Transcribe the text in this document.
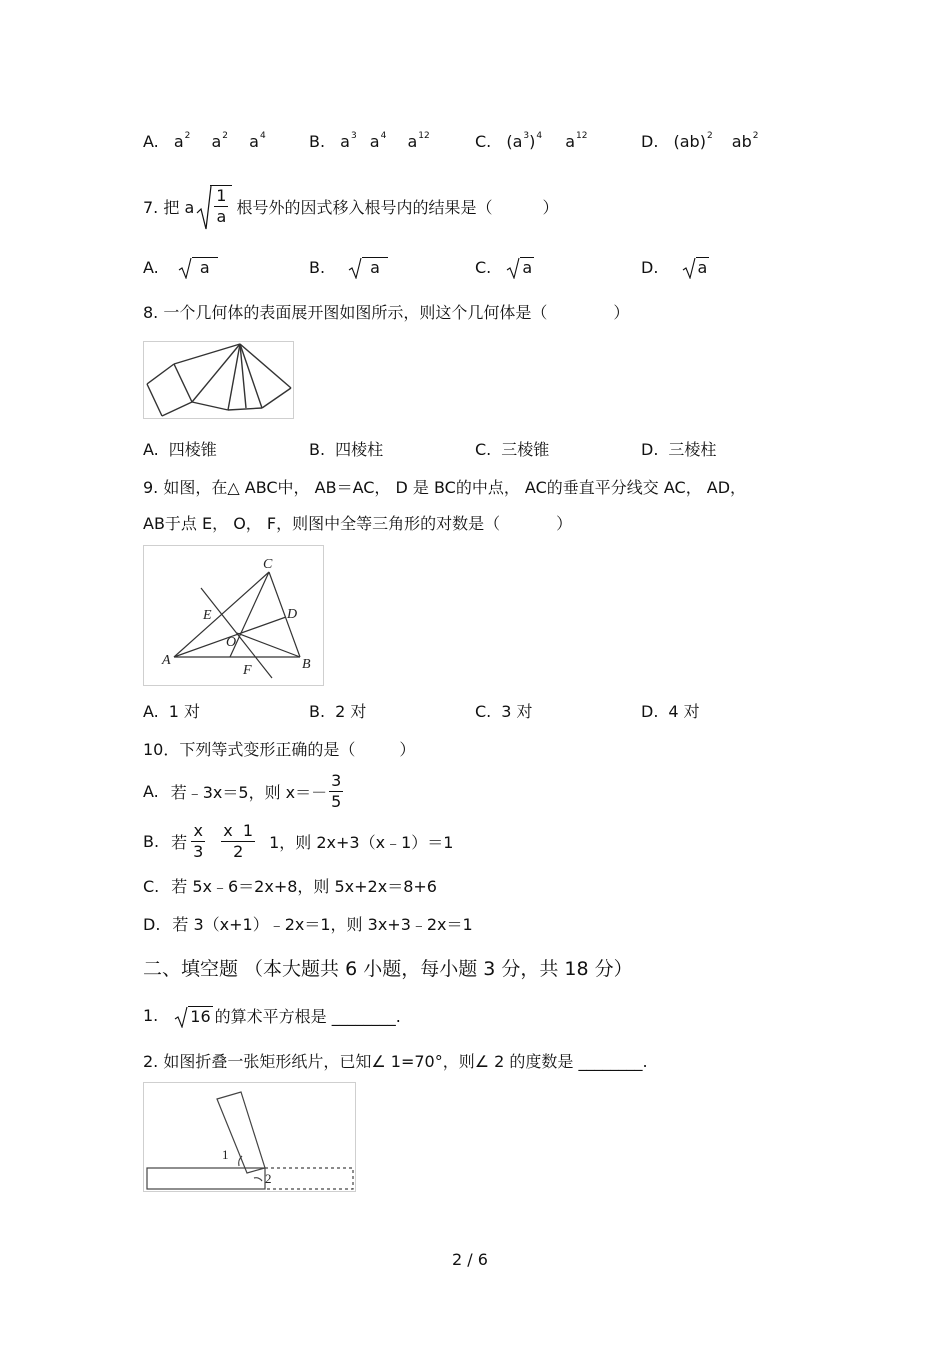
A. $a^2$ $a^2$ $a^4$	B. $a^3$ $a^4$ $a^{12}$	C. $(a^3)^4$ $a^{12}$	D. (ab)$^2$ $ab^2$
7. 把 a $\frac{1}{a}$ 根号外的因式移入根号内的结果是（	）
A.	a	B.	a	C. a	D. a
8. 一个几何体的表面展开图如图所示，则这个几何体是（	）
A. 四棱锥	B. 四棱柱	C. 三棱锥	D. 三棱柱
9. 如图，在△ ABC中， AB＝AC， D 是 BC的中点， AC的垂直平分线交 AC， AD，
AB于点 E， O， F，则图中全等三角形的对数是（	）
A	B
C
D
E
F
O
A. 1 对	B. 2 对	C. 3 对	D. 4 对
10．下列等式变形正确的是（	）
A. 若﹣3x＝5，则 $x=- \frac{3}{5}$
B. 若 $\frac{x}{3} \frac{x 1}{2} 1$，则 2x+3（x﹣1）＝1
C. 若 5x﹣6＝2x+8，则 5x+2x＝8+6
D. 若 3（x+1）﹣2x＝1，则 3x+3﹣2x＝1
二、填空题 （本大题共 6 小题，每小题 3 分，共 18 分）
1.	16 的算术平方根是 ________.
2. 如图折叠一张矩形纸片，已知∠ 1=70°，则∠ 2 的度数是 ________.
1
2
2 / 6
